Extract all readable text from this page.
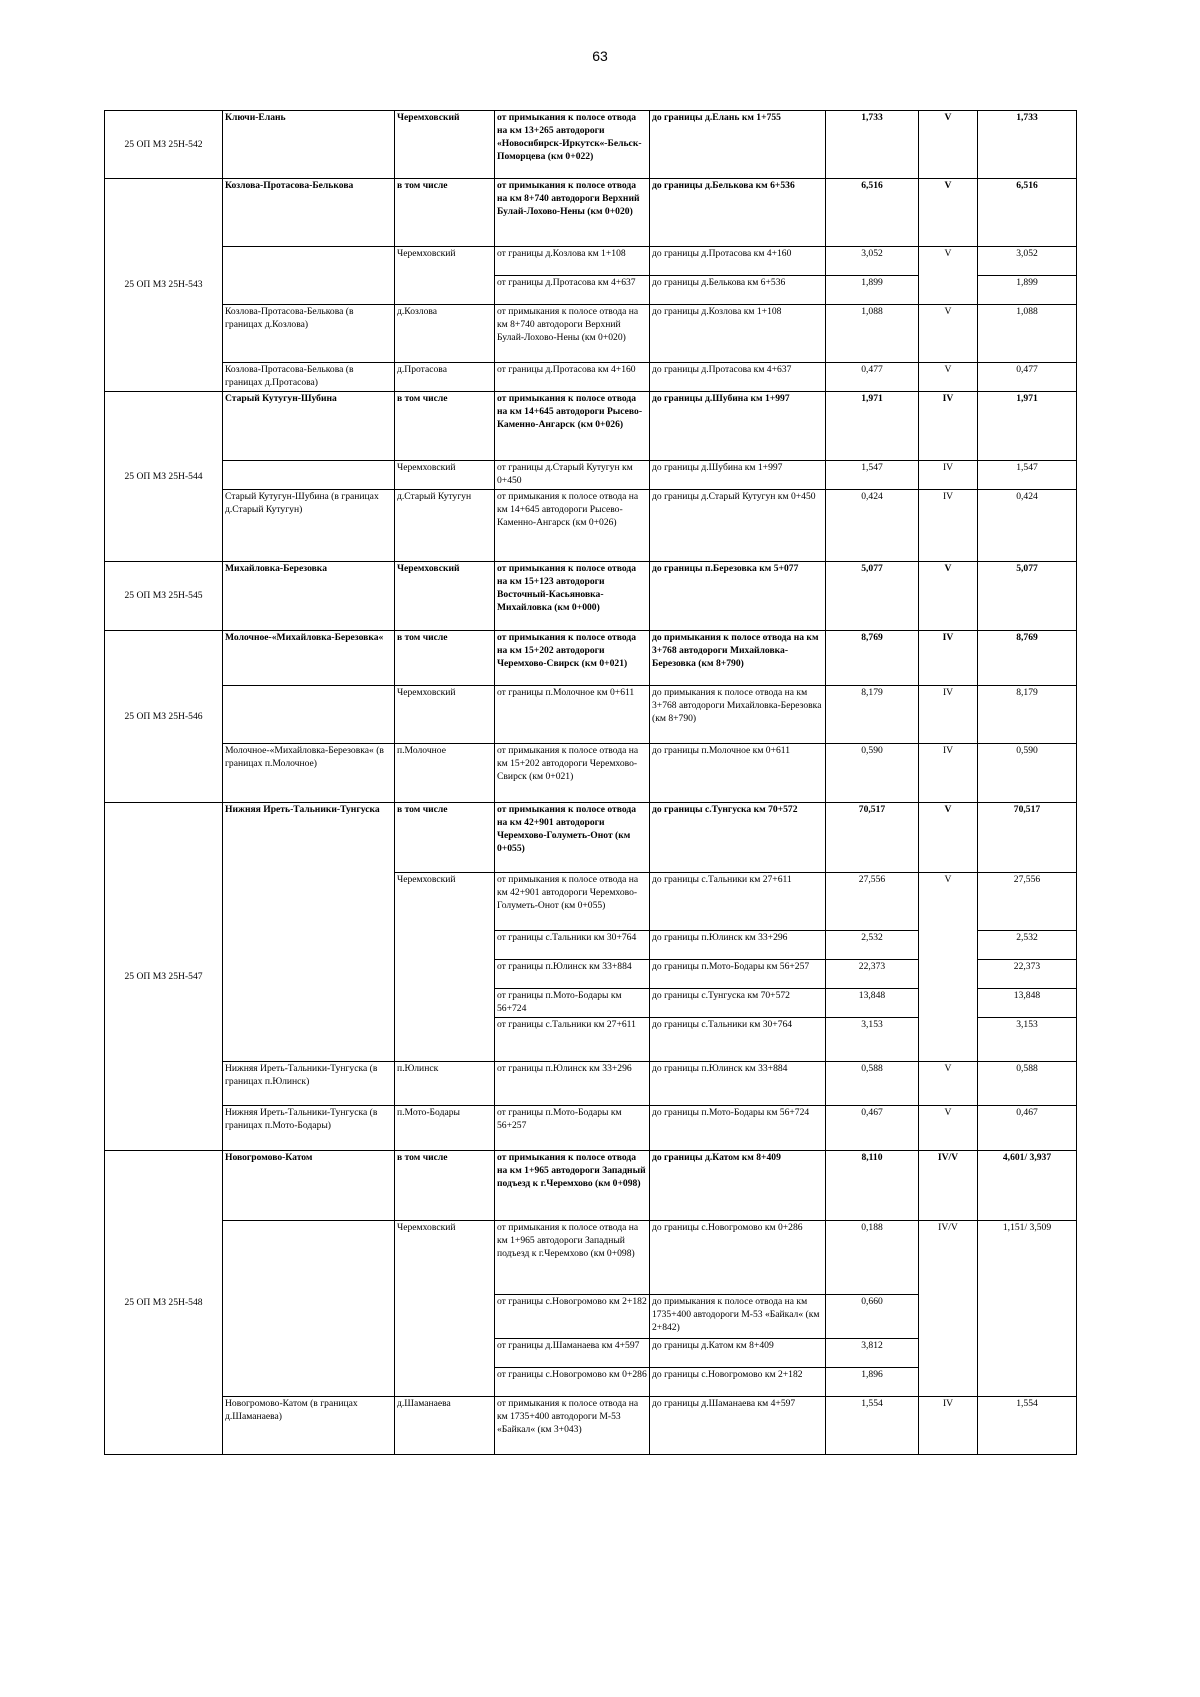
63
25 ОП МЗ 25Н-542	Ключи-Елань	Черемховский	от примыкания к полосе отвода на км 13+265 автодороги «Новосибирск-Иркутск«-Бельск-Поморцева (км 0+022)	до границы д.Елань км 1+755	1,733	V	1,733
25 ОП МЗ 25Н-543	Козлова-Протасова-Белькова	в том числе	от примыкания к полосе отвода на км 8+740 автодороги Верхний Булай-Лохово-Нены (км 0+020)	до границы д.Белькова км 6+536	6,516	V	6,516
		Черемховский	от границы д.Козлова км 1+108	до границы д.Протасова км 4+160	3,052	V	3,052
			от границы д.Протасова км 4+637	до границы д.Белькова км 6+536	1,899		1,899
	Козлова-Протасова-Белькова (в границах д.Козлова)	д.Козлова	от примыкания к полосе отвода на км 8+740 автодороги Верхний Булай-Лохово-Нены (км 0+020)	до границы д.Козлова км 1+108	1,088	V	1,088
	Козлова-Протасова-Белькова (в границах д.Протасова)	д.Протасова	от границы д.Протасова км 4+160	до границы д.Протасова км 4+637	0,477	V	0,477
25 ОП МЗ 25Н-544	Старый Кутугун-Шубина	в том числе	от примыкания к полосе отвода на км 14+645 автодороги Рысево-Каменно-Ангарск (км 0+026)	до границы д.Шубина км 1+997	1,971	IV	1,971
		Черемховский	от границы д.Старый Кутугун км 0+450	до границы д.Шубина км 1+997	1,547	IV	1,547
	Старый Кутугун-Шубина (в границах д.Старый Кутугун)	д.Старый Кутугун	от примыкания к полосе отвода на км 14+645 автодороги Рысево-Каменно-Ангарск (км 0+026)	до границы д.Старый Кутугун км 0+450	0,424	IV	0,424
25 ОП МЗ 25Н-545	Михайловка-Березовка	Черемховский	от примыкания к полосе отвода на км 15+123 автодороги Восточный-Касьяновка-Михайловка (км 0+000)	до границы п.Березовка км 5+077	5,077	V	5,077
25 ОП МЗ 25Н-546	Молочное-«Михайловка-Березовка«	в том числе	от примыкания к полосе отвода на км 15+202 автодороги Черемхово-Свирск (км 0+021)	до примыкания к полосе отвода на км 3+768 автодороги Михайловка-Березовка (км 8+790)	8,769	IV	8,769
		Черемховский	от границы п.Молочное км 0+611	до примыкания к полосе отвода на км 3+768 автодороги Михайловка-Березовка (км 8+790)	8,179	IV	8,179
	Молочное-«Михайловка-Березовка« (в границах п.Молочное)	п.Молочное	от примыкания к полосе отвода на км 15+202 автодороги Черемхово-Свирск (км 0+021)	до границы п.Молочное км 0+611	0,590	IV	0,590
25 ОП МЗ 25Н-547	Нижняя Иреть-Тальники-Тунгуска	в том числе	от примыкания к полосе отвода на км 42+901 автодороги Черемхово-Голуметь-Онот (км 0+055)	до границы с.Тунгуска км 70+572	70,517	V	70,517
		Черемховский	от примыкания к полосе отвода на км 42+901 автодороги Черемхово-Голуметь-Онот (км 0+055)	до границы с.Тальники км 27+611	27,556	V	27,556
			от границы с.Тальники км 30+764	до границы п.Юлинск км 33+296	2,532		2,532
			от границы п.Юлинск км 33+884	до границы п.Мото-Бодары км 56+257	22,373		22,373
			от границы п.Мото-Бодары км 56+724	до границы с.Тунгуска км 70+572	13,848		13,848
			от границы с.Тальники км 27+611	до границы с.Тальники км 30+764	3,153		3,153
	Нижняя Иреть-Тальники-Тунгуска (в границах п.Юлинск)	п.Юлинск	от границы п.Юлинск км 33+296	до границы п.Юлинск км 33+884	0,588	V	0,588
	Нижняя Иреть-Тальники-Тунгуска (в границах п.Мото-Бодары)	п.Мото-Бодары	от границы п.Мото-Бодары км 56+257	до границы п.Мото-Бодары км 56+724	0,467	V	0,467
25 ОП МЗ 25Н-548	Новогромово-Катом	в том числе	от примыкания к полосе отвода на км 1+965 автодороги Западный подъезд к г.Черемхово (км 0+098)	до границы д.Катом км 8+409	8,110	IV/V	4,601/ 3,937
		Черемховский	от примыкания к полосе отвода на км 1+965 автодороги Западный подъезд к г.Черемхово (км 0+098)	до границы с.Новогромово км 0+286	0,188	IV/V	1,151/ 3,509
			от границы с.Новогромово км 2+182	до примыкания к полосе отвода на км 1735+400 автодороги М-53 «Байкал« (км 2+842)	0,660		
			от границы д.Шаманаева км 4+597	до границы д.Катом км 8+409	3,812		
			от границы с.Новогромово км 0+286	до границы с.Новогромово км 2+182	1,896		
	Новогромово-Катом (в границах д.Шаманаева)	д.Шаманаева	от примыкания к полосе отвода на км 1735+400 автодороги М-53 «Байкал« (км 3+043)	до границы д.Шаманаева км 4+597	1,554	IV	1,554
